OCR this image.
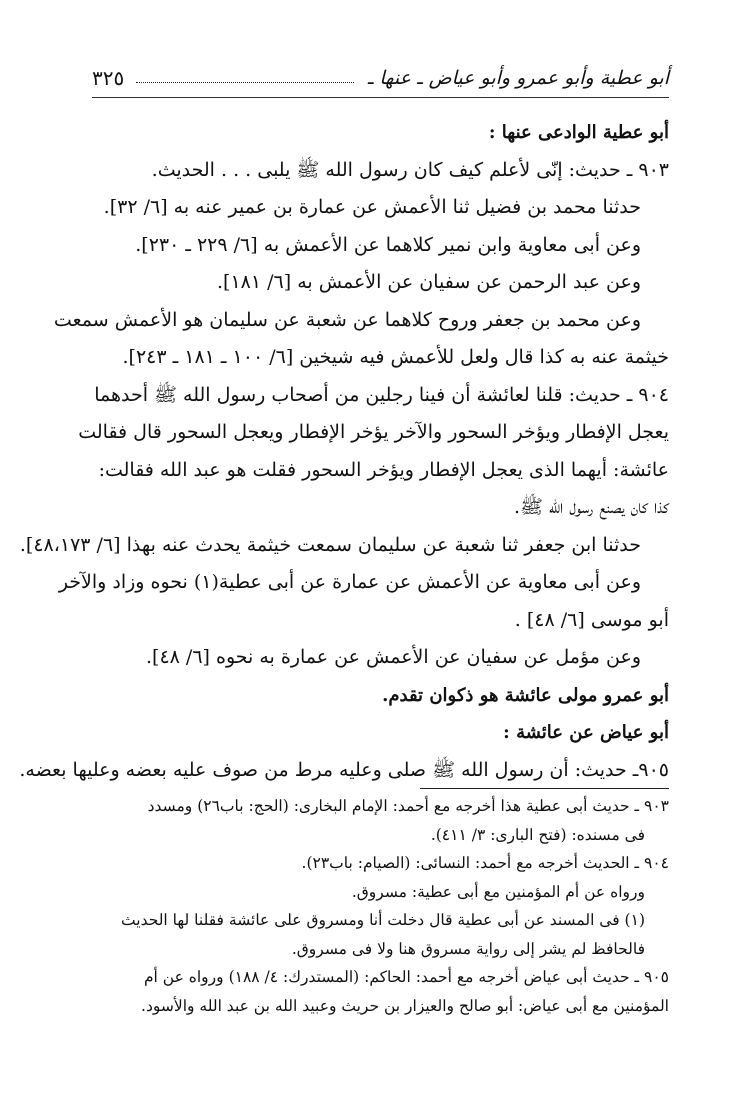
أبو عطية وأبو عمرو وأبو عياض ـ عنها ـ
٣٢٥
أبو عطية الوادعى عنها :
٩٠٣ ـ حديث: إنّى لأعلم كيف كان رسول الله ﷺ يلبى . . . الحديث.
حدثنا محمد بن فضيل ثنا الأعمش عن عمارة بن عمير عنه به [٦/ ٣٢].
وعن أبى معاوية وابن نمير كلاهما عن الأعمش به [٦/ ٢٢٩ ـ ٢٣٠].
وعن عبد الرحمن عن سفيان عن الأعمش به [٦/ ١٨١].
وعن محمد بن جعفر وروح كلاهما عن شعبة عن سليمان هو الأعمش سمعت
خيثمة عنه به كذا قال ولعل للأعمش فيه شيخين [٦/ ١٠٠ ـ ١٨١ ـ ٢٤٣].
٩٠٤ ـ حديث: قلنا لعائشة أن فينا رجلين من أصحاب رسول الله ﷺ أحدهما
يعجل الإفطار ويؤخر السحور والآخر يؤخر الإفطار ويعجل السحور قال فقالت
عائشة: أيهما الذى يعجل الإفطار ويؤخر السحور فقلت هو عبد الله فقالت:
كذا كان يصنع رسول الله ﷺ.
حدثنا ابن جعفر ثنا شعبة عن سليمان سمعت خيثمة يحدث عنه بهذا [٦/ ٤٨،١٧٣].
وعن أبى معاوية عن الأعمش عن عمارة عن أبى عطية(١) نحوه وزاد والآخر
أبو موسى [٦/ ٤٨] .
وعن مؤمل عن سفيان عن الأعمش عن عمارة به نحوه [٦/ ٤٨].
أبو عمرو مولى عائشة هو ذكوان تقدم.
أبو عياض عن عائشة :
٩٠٥ـ حديث: أن رسول الله ﷺ صلى وعليه مرط من صوف عليه بعضه وعليها بعضه.
٩٠٣ ـ حديث أبى عطية هذا أخرجه مع أحمد: الإمام البخارى: (الحج: باب٢٦) ومسدد
فى مسنده: (فتح البارى: ٣/ ٤١١).
٩٠٤ ـ الحديث أخرجه مع أحمد: النسائى: (الصيام: باب٢٣).
ورواه عن أم المؤمنين مع أبى عطية: مسروق.
(١) فى المسند عن أبى عطية قال دخلت أنا ومسروق على عائشة فقلنا لها الحديث
فالحافظ لم يشر إلى رواية مسروق هنا ولا فى مسروق.
٩٠٥ ـ حديث أبى عياض أخرجه مع أحمد: الحاكم: (المستدرك: ٤/ ١٨٨) ورواه عن أم
المؤمنين مع أبى عياض: أبو صالح والعيزار بن حريث وعبيد الله بن عبد الله والأسود.
